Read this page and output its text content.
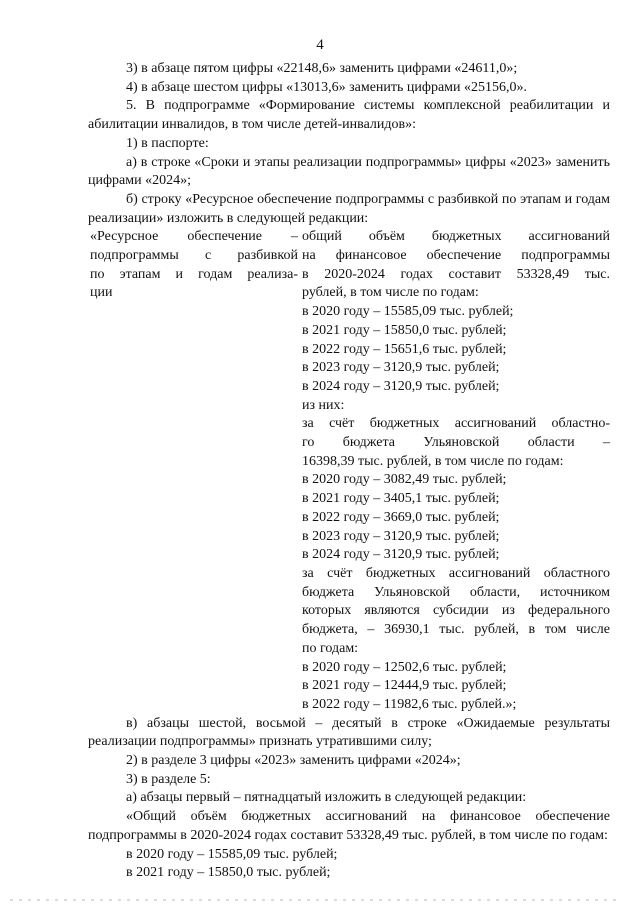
4

3) в абзаце пятом цифры «22148,6» заменить цифрами «24611,0»;

4) в абзаце шестом цифры «13013,6» заменить цифрами «25156,0».

5. В подпрограмме «Формирование системы комплексной реабилитации и абилитации инвалидов, в том числе детей-инвалидов»:

1) в паспорте:

а) в строке «Сроки и этапы реализации подпрограммы» цифры «2023» заменить цифрами «2024»;

б) строку «Ресурсное обеспечение подпрограммы с разбивкой по этапам и годам реализации» изложить в следующей редакции:

«Ресурсное обеспечение –
подпрограммы с разбивкой
по этапам и годам реализа-
ции
общий объём бюджетных ассигнований
на финансовое обеспечение подпрограммы
в 2020-2024 годах составит 53328,49 тыс.
рублей, в том числе по годам:
в 2020 году – 15585,09 тыс. рублей;
в 2021 году – 15850,0 тыс. рублей;
в 2022 году – 15651,6 тыс. рублей;
в 2023 году – 3120,9 тыс. рублей;
в 2024 году – 3120,9 тыс. рублей;
из них:
за счёт бюджетных ассигнований областно-
го бюджета Ульяновской области –
16398,39 тыс. рублей, в том числе по годам:
в 2020 году – 3082,49 тыс. рублей;
в 2021 году – 3405,1 тыс. рублей;
в 2022 году – 3669,0 тыс. рублей;
в 2023 году – 3120,9 тыс. рублей;
в 2024 году – 3120,9 тыс. рублей;
за счёт бюджетных ассигнований областного
бюджета Ульяновской области, источником
которых являются субсидии из федерального
бюджета, – 36930,1 тыс. рублей, в том числе
по годам:
в 2020 году – 12502,6 тыс. рублей;
в 2021 году – 12444,9 тыс. рублей;
в 2022 году – 11982,6 тыс. рублей.»;

в) абзацы шестой, восьмой – десятый в строке «Ожидаемые результаты реализации подпрограммы» признать утратившими силу;

2) в разделе 3 цифры «2023» заменить цифрами «2024»;

3) в разделе 5:

а) абзацы первый – пятнадцатый изложить в следующей редакции:

«Общий объём бюджетных ассигнований на финансовое обеспечение подпрограммы в 2020-2024 годах составит 53328,49 тыс. рублей, в том числе по годам:

в 2020 году – 15585,09 тыс. рублей;

в 2021 году – 15850,0 тыс. рублей;
